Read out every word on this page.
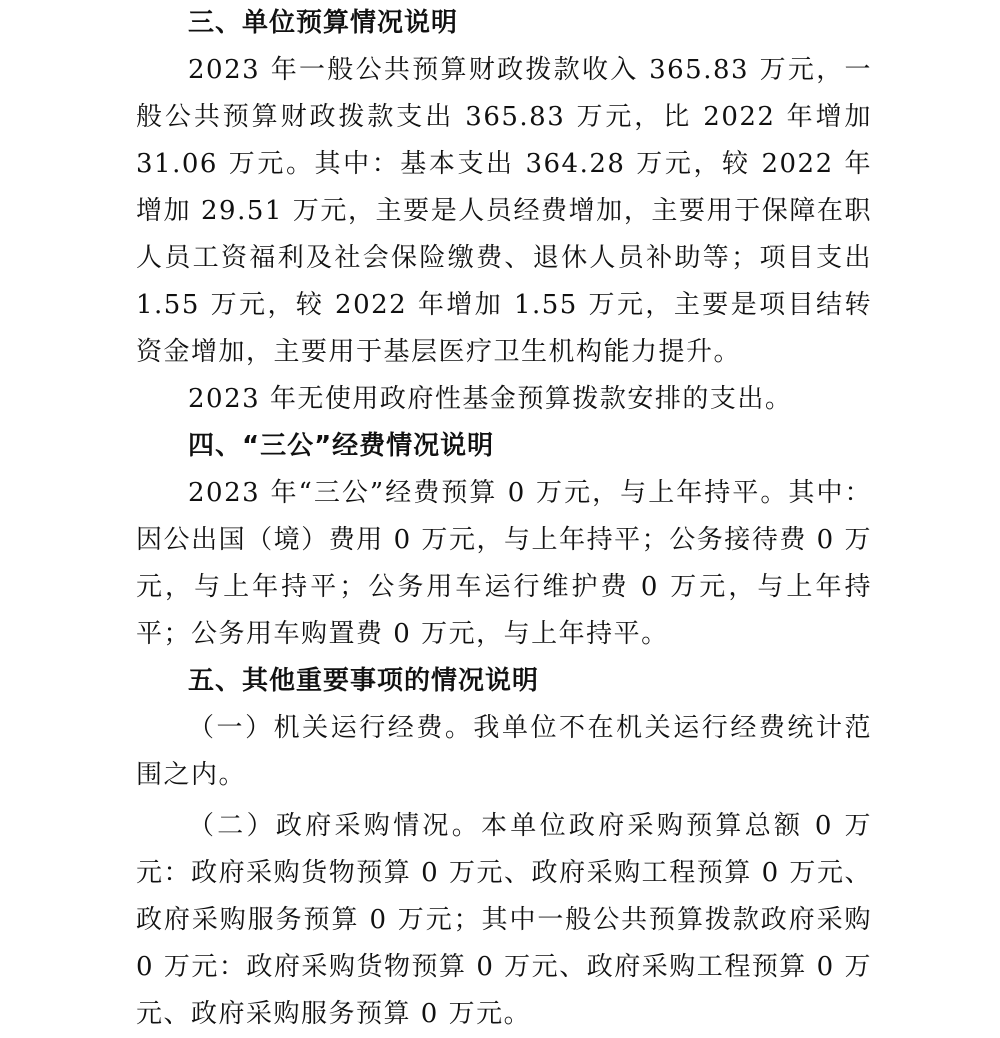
三、单位预算情况说明

2023 年一般公共预算财政拨款收入 365.83 万元，一般公共预算财政拨款支出 365.83 万元，比 2022 年增加 31.06 万元。其中：基本支出 364.28 万元，较 2022 年增加 29.51 万元，主要是人员经费增加，主要用于保障在职人员工资福利及社会保险缴费、退休人员补助等；项目支出 1.55 万元，较 2022 年增加 1.55 万元，主要是项目结转资金增加，主要用于基层医疗卫生机构能力提升。

2023 年无使用政府性基金预算拨款安排的支出。

四、“三公”经费情况说明

2023 年“三公”经费预算 0 万元，与上年持平。其中：因公出国（境）费用 0 万元，与上年持平；公务接待费 0 万元，与上年持平；公务用车运行维护费 0 万元，与上年持平；公务用车购置费 0 万元，与上年持平。

五、其他重要事项的情况说明

（一）机关运行经费。我单位不在机关运行经费统计范围之内。

（二）政府采购情况。本单位政府采购预算总额 0 万元：政府采购货物预算 0 万元、政府采购工程预算 0 万元、政府采购服务预算 0 万元；其中一般公共预算拨款政府采购 0 万元：政府采购货物预算 0 万元、政府采购工程预算 0 万元、政府采购服务预算 0 万元。
